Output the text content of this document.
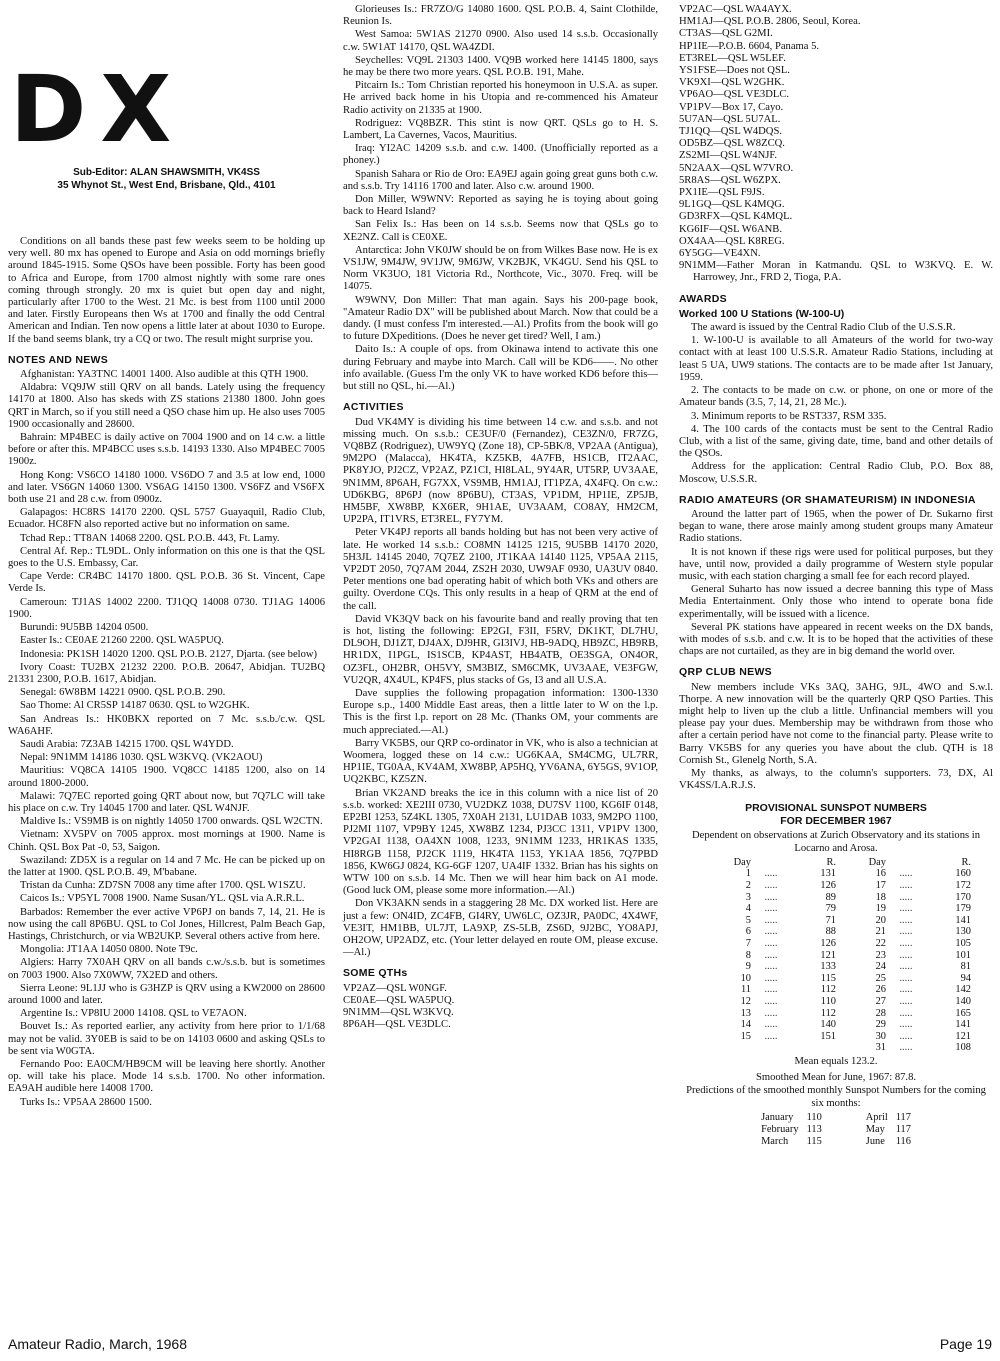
DX
Sub-Editor: ALAN SHAWSMITH, VK4SS
35 Whynot St., West End, Brisbane, Qld., 4101

Conditions on all bands these past few weeks seem to be holding up very well. 80 mx has opened to Europe and Asia on odd mornings briefly around 1845-1915. Some QSOs have been possible. Forty has been good to Africa and Europe, from 1700 almost nightly with some rare ones coming through strongly. 20 mx is quiet but open day and night, particularly after 1700 to the West. 21 Mc. is best from 1100 until 2000 and later. Firstly Europeans then Ws at 1700 and finally the odd Central American and Indian. Ten now opens a little later at about 1030 to Europe. If the band seems blank, try a CQ or two. The result might surprise you.

NOTES AND NEWS

Afghanistan: YA3TNC 14001 1400. Also audible at this QTH 1900.

Aldabra: VQ9JW still QRV on all bands. Lately using the frequency 14170 at 1800. Also has skeds with ZS stations 21380 1800. John goes QRT in March, so if you still need a QSO chase him up. He also uses 7005 1900 occasionally and 28600.

Bahrain: MP4BEC is daily active on 7004 1900 and on 14 c.w. a little before or after this. MP4BCC uses s.s.b. 14193 1330. Also MP4BEC 7005 1900z.

Hong Kong: VS6CO 14180 1000. VS6DO 7 and 3.5 at low end, 1000 and later. VS6GN 14060 1300. VS6AG 14150 1300. VS6FZ and VS6FX both use 21 and 28 c.w. from 0900z.

Galapagos: HC8RS 14170 2200. QSL 5757 Guayaquil, Radio Club, Ecuador. HC8FN also reported active but no information on same.

Tchad Rep.: TT8AN 14068 2200. QSL P.O.B. 443, Ft. Lamy.

Central Af. Rep.: TL9DL. Only information on this one is that the QSL goes to the U.S. Embassy, Car.

Cape Verde: CR4BC 14170 1800. QSL P.O.B. 36 St. Vincent, Cape Verde Is.

Cameroun: TJ1AS 14002 2200. TJ1QQ 14008 0730. TJ1AG 14006 1900.

Burundi: 9U5BB 14204 0500.

Easter Is.: CE0AE 21260 2200. QSL WA5PUQ.

Indonesia: PK1SH 14020 1200. QSL P.O.B. 2127, Djarta. (see below)

Ivory Coast: TU2BX 21232 2200. P.O.B. 20647, Abidjan. TU2BQ 21331 2300, P.O.B. 1617, Abidjan.

Senegal: 6W8BM 14221 0900. QSL P.O.B. 290.

Sao Thome: Al CR5SP 14187 0630. QSL to W2GHK.

San Andreas Is.: HK0BKX reported on 7 Mc. s.s.b./c.w. QSL WA6AHF.

Saudi Arabia: 7Z3AB 14215 1700. QSL W4YDD.

Nepal: 9N1MM 14186 1030. QSL W3KVQ. (VK2AOU)

Mauritius: VQ8CA 14105 1900. VQ8CC 14185 1200, also on 14 around 1800-2000.

Malawi: 7Q7EC reported going QRT about now, but 7Q7LC will take his place on c.w. Try 14045 1700 and later. QSL W4NJF.

Maldive Is.: VS9MB is on nightly 14050 1700 onwards. QSL W2CTN.

Vietnam: XV5PV on 7005 approx. most mornings at 1900. Name is Chinh. QSL Box Pat -0, 53, Saigon.

Swaziland: ZD5X is a regular on 14 and 7 Mc. He can be picked up on the latter at 1900. QSL P.O.B. 49, M'babane.

Tristan da Cunha: ZD7SN 7008 any time after 1700. QSL W1SZU.

Caicos Is.: VP5YL 7008 1900. Name Susan/YL. QSL via A.R.R.L.

Barbados: Remember the ever active VP6PJ on bands 7, 14, 21. He is now using the call 8P6BU. QSL to Col Jones, Hillcrest, Palm Beach Gap, Hastings, Christchurch, or via WB2UKP. Several others active from here.

Mongolia: JT1AA 14050 0800. Note T9c.

Algiers: Harry 7X0AH QRV on all bands c.w./s.s.b. but is sometimes on 7003 1900. Also 7X0WW, 7X2ED and others.

Sierra Leone: 9L1JJ who is G3HZP is QRV using a KW2000 on 28600 around 1000 and later.

Argentine Is.: VP8IU 2000 14108. QSL to VE7AON.

Bouvet Is.: As reported earlier, any activity from here prior to 1/1/68 may not be valid. 3Y0EB is said to be on 14103 0600 and asking QSLs to be sent via W0GTA.

Fernando Poo: EA0CM/HB9CM will be leaving here shortly. Another op. will take his place. Mode 14 s.s.b. 1700. No other information. EA9AH audible here 14008 1700.

Turks Is.: VP5AA 28600 1500.

Glorieuses Is.: FR7ZO/G 14080 1600. QSL P.O.B. 4, Saint Clothilde, Reunion Is.

West Samoa: 5W1AS 21270 0900. Also used 14 s.s.b. Occasionally c.w. 5W1AT 14170, QSL WA4ZDI.

Seychelles: VQ9L 21303 1400. VQ9B worked here 14145 1800, says he may be there two more years. QSL P.O.B. 191, Mahe.

Pitcairn Is.: Tom Christian reported his honeymoon in U.S.A. as super. He arrived back home in his Utopia and re-commenced his Amateur Radio activity on 21335 at 1900.

Rodriguez: VQ8BZR. This stint is now QRT. QSLs go to H. S. Lambert, La Cavernes, Vacos, Mauritius.

Iraq: YI2AC 14209 s.s.b. and c.w. 1400. (Unofficially reported as a phoney.)

Spanish Sahara or Rio de Oro: EA9EJ again going great guns both c.w. and s.s.b. Try 14116 1700 and later. Also c.w. around 1900.

Don Miller, W9WNV: Reported as saying he is toying about going back to Heard Island?

San Felix Is.: Has been on 14 s.s.b. Seems now that QSLs go to XE2NZ. Call is CE0XE.

Antarctica: John VK0JW should be on from Wilkes Base now. He is ex VS1JW, 9M4JW, 9V1JW, 9M6JW, VK2BJK, VK4GU. Send his QSL to Norm VK3UO, 181 Victoria Rd., Northcote, Vic., 3070. Freq. will be 14075.

W9WNV, Don Miller: That man again. Says his 200-page book, "Amateur Radio DX" will be published about March. Now that could be a dandy. (I must confess I'm interested.—Al.) Profits from the book will go to future DXpeditions. (Does he never get tired? Well, I am.)

Daito Is.: A couple of ops. from Okinawa intend to activate this one during February and maybe into March. Call will be KD6——. No other info available. (Guess I'm the only VK to have worked KD6 before this—but still no QSL, hi.—Al.)

ACTIVITIES

Dud VK4MY is dividing his time between 14 c.w. and s.s.b. and not missing much. On s.s.b.: CE3UF/0 (Fernandez), CE3ZN/0, FR7ZG, VQ8BZ (Rodriguez), UW9YQ (Zone 18), CP-5BK/8, VP2AA (Antigua), 9M2PO (Malacca), HK4TA, KZ5KB, 4A7FB, HS1CB, IT2AAC, PK8YJO, PJ2CZ, VP2AZ, PZ1CI, HI8LAL, 9Y4AR, UT5RP, UV3AAE, 9N1MM, 8P6AH, FG7XX, VS9MB, HM1AJ, IT1PZA, 4X4FQ. On c.w.: UD6KBG, 8P6PJ (now 8P6BU), CT3AS, VP1DM, HP1IE, ZP5JB, HM5BF, XW8BP, KX6ER, 9H1AE, UV3AAM, CO8AY, HM2CM, UP2PA, IT1VRS, ET3REL, FY7YM.

Peter VK4PJ reports all bands holding but has not been very active of late. He worked 14 s.s.b.: CO8MN 14125 1215, 9U5BB 14170 2020, 5H3JL 14145 2040, 7Q7EZ 2100, JT1KAA 14140 1125, VP5AA 2115, VP2DT 2050, 7Q7AM 2044, ZS2H 2030, UW9AF 0930, UA3UV 0840. Peter mentions one bad operating habit of which both VKs and others are guilty. Overdone CQs. This only results in a heap of QRM at the end of the call.

David VK3QV back on his favourite band and really proving that ten is hot, listing the following: EP2GI, F3II, F5RV, DK1KT, DL7HU, DL9OH, DJ1ZT, DJ4AX, DJ9HR, GI3IVJ, HB-9ADQ, HB9ZC, HB9RB, HR1DX, I1PGL, IS1SCB, KP4AST, HB4ATB, OE3SGA, ON4OR, OZ3FL, OH2BR, OH5VY, SM3BIZ, SM6CMK, UV3AAE, VE3FGW, VU2QR, 4X4UL, KP4FS, plus stacks of Gs, I3 and all U.S.A.

Dave supplies the following propagation information: 1300-1330 Europe s.p., 1400 Middle East areas, then a little later to W on the l.p. This is the first l.p. report on 28 Mc. (Thanks OM, your comments are much appreciated.—Al.)

Barry VK5BS, our QRP co-ordinator in VK, who is also a technician at Woomera, logged these on 14 c.w.: UG6KAA, SM4CMG, UL7RR, HP1IE, TG0AA, KV4AM, XW8BP, AP5HQ, YV6ANA, 6Y5GS, 9V1OP, UQ2KBC, KZ5ZN.

Brian VK2AND breaks the ice in this column with a nice list of 20 s.s.b. worked: XE2III 0730, VU2DKZ 1038, DU7SV 1100, KG6IF 0148, EP2BI 1253, 5Z4KL 1305, 7X0AH 2131, LU1DAB 1033, 9M2PO 1100, PJ2MI 1107, VP9BY 1245, XW8BZ 1234, PJ3CC 1311, VP1PV 1300, VP2GAI 1138, OA4XN 1008, 1233, 9N1MM 1233, HR1KAS 1335, HI8RGB 1158, PJ2CK 1119, HK4TA 1153, YK1AA 1856, 7Q7PBD 1856, KW6GJ 0824, KG-6GF 1207, UA4IF 1332. Brian has his sights on WTW 100 on s.s.b. 14 Mc. Then we will hear him back on A1 mode. (Good luck OM, please some more information.—Al.)

Don VK3AKN sends in a staggering 28 Mc. DX worked list. Here are just a few: ON4ID, ZC4FB, GI4RY, UW6LC, OZ3JR, PA0DC, 4X4WF, VE3IT, HM1BB, UL7JT, LA9XP, ZS-5LB, ZS6D, 9J2BC, YO8APJ, OH2OW, UP2ADZ, etc. (Your letter delayed en route OM, please excuse.—Al.)

SOME QTHs

VP2AZ—QSL W0NGF.

CE0AE—QSL WA5PUQ.

9N1MM—QSL W3KVQ.

8P6AH—QSL VE3DLC.

VP2AC—QSL WA4AYX.

HM1AJ—QSL P.O.B. 2806, Seoul, Korea.

CT3AS—QSL G2MI.

HP1IE—P.O.B. 6604, Panama 5.

ET3REL—QSL W5LEF.

YS1FSE—Does not QSL.

VK9XI—QSL W2GHK.

VP6AO—QSL VE3DLC.

VP1PV—Box 17, Cayo.

5U7AN—QSL 5U7AL.

TJ1QQ—QSL W4DQS.

OD5BZ—QSL W8ZCQ.

ZS2MI—QSL W4NJF.

5N2AAX—QSL W7VRO.

5R8AS—QSL W6ZPX.

PX1IE—QSL F9JS.

9L1GQ—QSL K4MQG.

GD3RFX—QSL K4MQL.

KG6IF—QSL W6ANB.

OX4AA—QSL K8REG.

6Y5GG—VE4XN.

9N1MM—Father Moran in Katmandu. QSL to W3KVQ. E. W. Harrowey, Jnr., FRD 2, Tioga, P.A.

AWARDS
Worked 100 U Stations (W-100-U)

The award is issued by the Central Radio Club of the U.S.S.R.

1. W-100-U is available to all Amateurs of the world for two-way contact with at least 100 U.S.S.R. Amateur Radio Stations, including at least 5 UA, UW9 stations. The contacts are to be made after 1st January, 1959.

2. The contacts to be made on c.w. or phone, on one or more of the Amateur bands (3.5, 7, 14, 21, 28 Mc.).

3. Minimum reports to be RST337, RSM 335.

4. The 100 cards of the contacts must be sent to the Central Radio Club, with a list of the same, giving date, time, band and other details of the QSOs.

Address for the application: Central Radio Club, P.O. Box 88, Moscow, U.S.S.R.

RADIO AMATEURS (OR SHAMATEURISM) IN INDONESIA

Around the latter part of 1965, when the power of Dr. Sukarno first began to wane, there arose mainly among student groups many Amateur Radio stations.

It is not known if these rigs were used for political purposes, but they have, until now, provided a daily programme of Western style popular music, with each station charging a small fee for each record played.

General Suharto has now issued a decree banning this type of Mass Media Entertainment. Only those who intend to operate bona fide experimentally, will be issued with a licence.

Several PK stations have appeared in recent weeks on the DX bands, with modes of s.s.b. and c.w. It is to be hoped that the activities of these chaps are not curtailed, as they are in big demand the world over.

QRP CLUB NEWS

New members include VKs 3AQ, 3AHG, 9JL, 4WO and S.w.l. Thorpe. A new innovation will be the quarterly QRP QSO Parties. This might help to liven up the club a little. Unfinancial members will you please pay your dues. Membership may be withdrawn from those who after a certain period have not come to the financial party. Please write to Barry VK5BS for any queries you have about the club. QTH is 18 Cornish St., Glenelg North, S.A.

My thanks, as always, to the column's supporters. 73, DX, Al VK4SS/I.A.R.J.S.

PROVISIONAL SUNSPOT NUMBERS
FOR DECEMBER 1967

Dependent on observations at Zurich Observatory and its stations in Locarno and Arosa.

Day		R.	Day		R.
1	.....	131	16	.....	160
2	.....	126	17	.....	172
3	.....	89	18	.....	170
4	.....	79	19	.....	179
5	.....	71	20	.....	141
6	.....	88	21	.....	130
7	.....	126	22	.....	105
8	.....	121	23	.....	101
9	.....	133	24	.....	81
10	.....	115	25	.....	94
11	.....	112	26	.....	142
12	.....	110	27	.....	140
13	.....	112	28	.....	165
14	.....	140	29	.....	141
15	.....	151	30	.....	121
			31	.....	108

Mean equals 123.2.

Smoothed Mean for June, 1967: 87.8.

Predictions of the smoothed monthly Sunspot Numbers for the coming six months:

January	110	April	117
February	113	May	117
March	115	June	116
Amateur Radio, March, 1968	Page 19
